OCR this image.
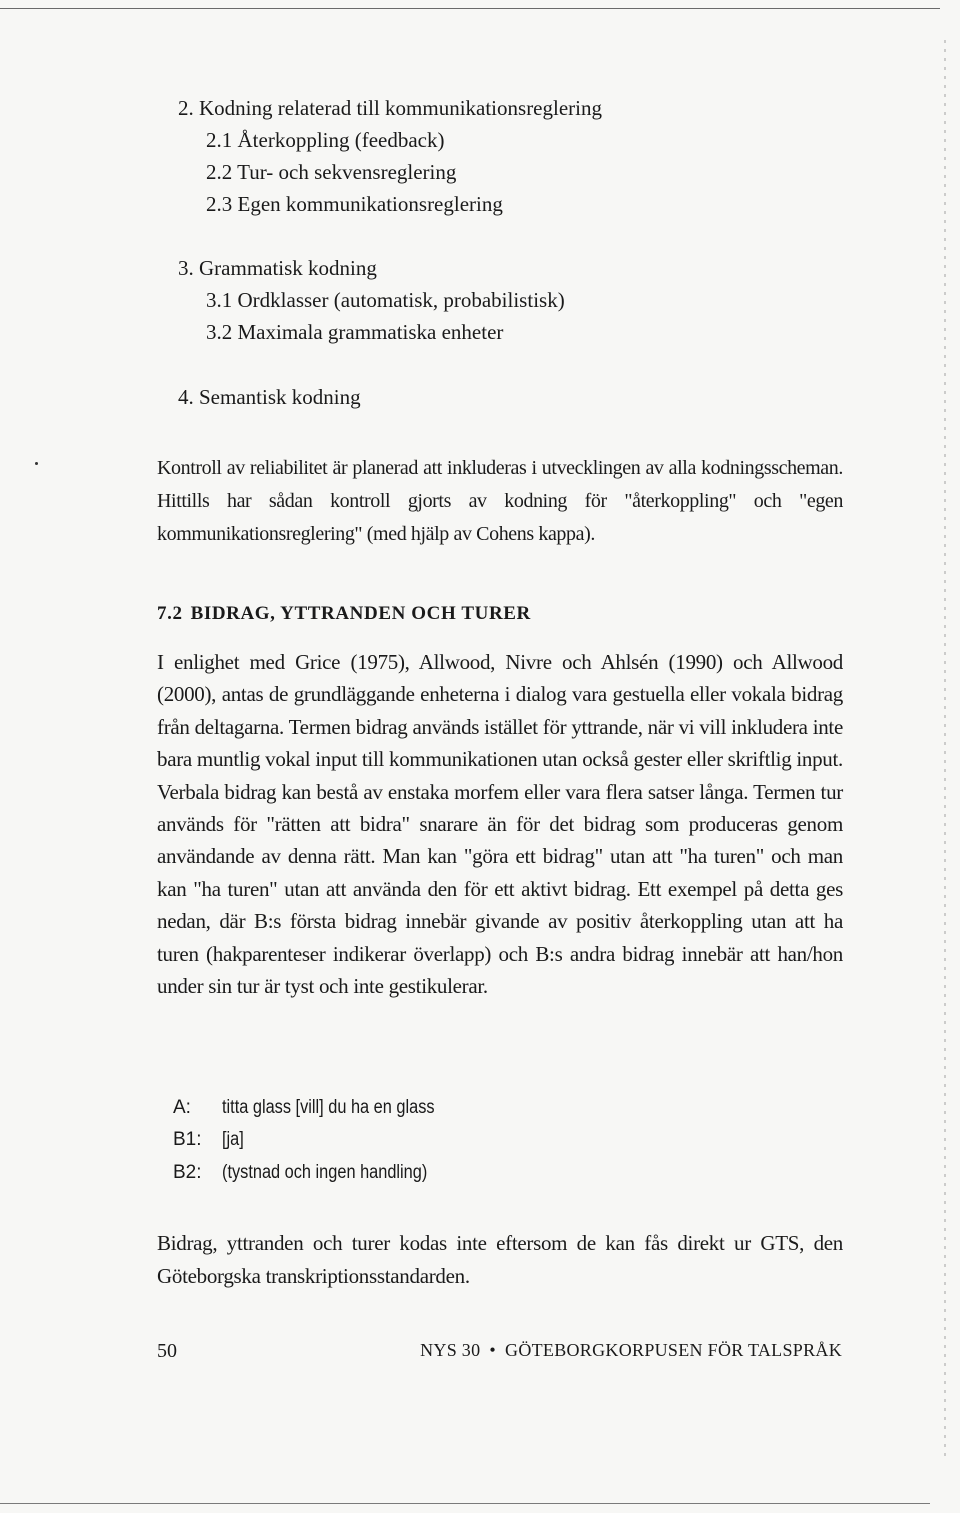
2. Kodning relaterad till kommunikationsreglering
2.1 Återkoppling (feedback)
2.2 Tur- och sekvensreglering
2.3 Egen kommunikationsreglering
3. Grammatisk kodning
3.1 Ordklasser (automatisk, probabilistisk)
3.2 Maximala grammatiska enheter
4. Semantisk kodning

Kontroll av reliabilitet är planerad att inkluderas i utvecklingen av alla kodningsscheman. Hittills har sådan kontroll gjorts av kodning för "återkoppling" och "egen kommunikationsreglering" (med hjälp av Cohens kappa).

7.2 BIDRAG, YTTRANDEN OCH TURER

I enlighet med Grice (1975), Allwood, Nivre och Ahlsén (1990) och Allwood (2000), antas de grundläggande enheterna i dialog vara gestuella eller vokala bidrag från deltagarna. Termen bidrag används istället för yttrande, när vi vill inkludera inte bara muntlig vokal input till kommunikationen utan också gester eller skriftlig input. Verbala bidrag kan bestå av enstaka morfem eller vara flera satser långa. Termen tur används för "rätten att bidra" snarare än för det bidrag som produceras genom användande av denna rätt. Man kan "göra ett bidrag" utan att "ha turen" och man kan "ha turen" utan att använda den för ett aktivt bidrag. Ett exempel på detta ges nedan, där B:s första bidrag innebär givande av positiv återkoppling utan att ha turen (hakparenteser indikerar överlapp) och B:s andra bidrag innebär att han/hon under sin tur är tyst och inte gestikulerar.

A: titta glass [vill] du ha en glass
B1: [ja]
B2: (tystnad och ingen handling)

Bidrag, yttranden och turer kodas inte eftersom de kan fås direkt ur GTS, den Göteborgska transkriptionsstandarden.

50	NYS 30 • GÖTEBORGKORPUSEN FÖR TALSPRÅK
